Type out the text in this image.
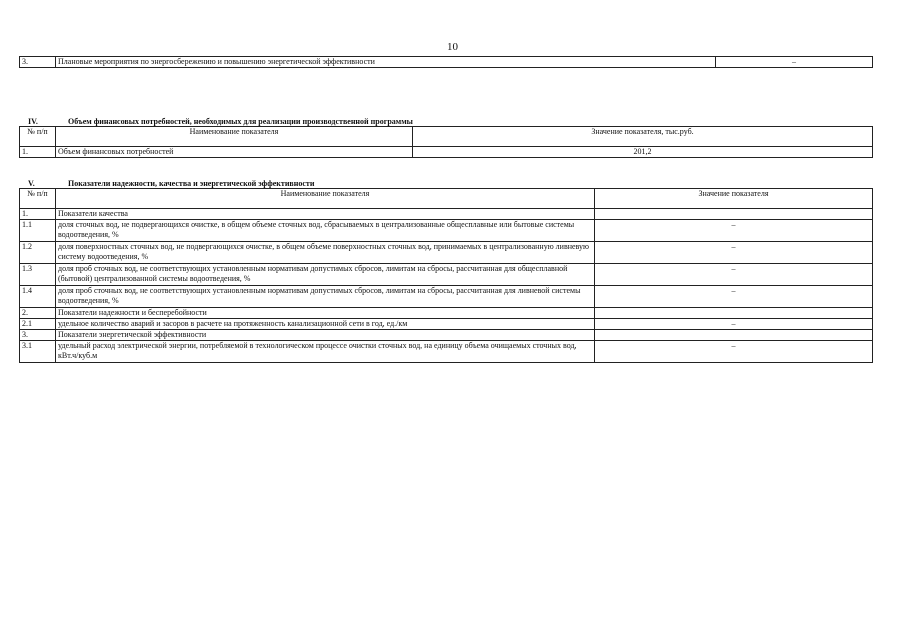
10
3.	Плановые мероприятия по энергосбережению и повышению энергетической эффективности	–
IV.	Объем финансовых потребностей, необходимых для реализации производственной программы
№ п/п	Наименование показателя	Значение показателя, тыс.руб.
1.	Объем финансовых потребностей	201,2
V.	Показатели надежности, качества и энергетической эффективности
№ п/п	Наименование показателя	Значение показателя
1.	Показатели качества	
1.1	доля сточных вод, не подвергающихся очистке, в общем объеме сточных вод, сбрасываемых в централизованные общесплавные или бытовые системы водоотведения, %	–
1.2	доля поверхностных сточных вод, не подвергающихся очистке, в общем объеме поверхностных сточных вод, принимаемых в централизованную ливневую систему водоотведения, %	–
1.3	доля проб сточных вод, не соответствующих установленным нормативам допустимых сбросов, лимитам на сбросы, рассчитанная для общесплавной (бытовой) централизованной системы водоотведения, %	–
1.4	доля проб сточных вод, не соответствующих установленным нормативам допустимых сбросов, лимитам на сбросы, рассчитанная для ливневой системы водоотведения, %	–
2.	Показатели надежности и бесперебойности	
2.1	удельное количество аварий и засоров в расчете на протяженность канализационной сети в год, ед./км	–
3.	Показатели энергетической эффективности	
3.1	удельный расход электрической энергии, потребляемой в технологическом процессе очистки сточных вод, на единицу объема очищаемых сточных вод, кВт.ч/куб.м	–
